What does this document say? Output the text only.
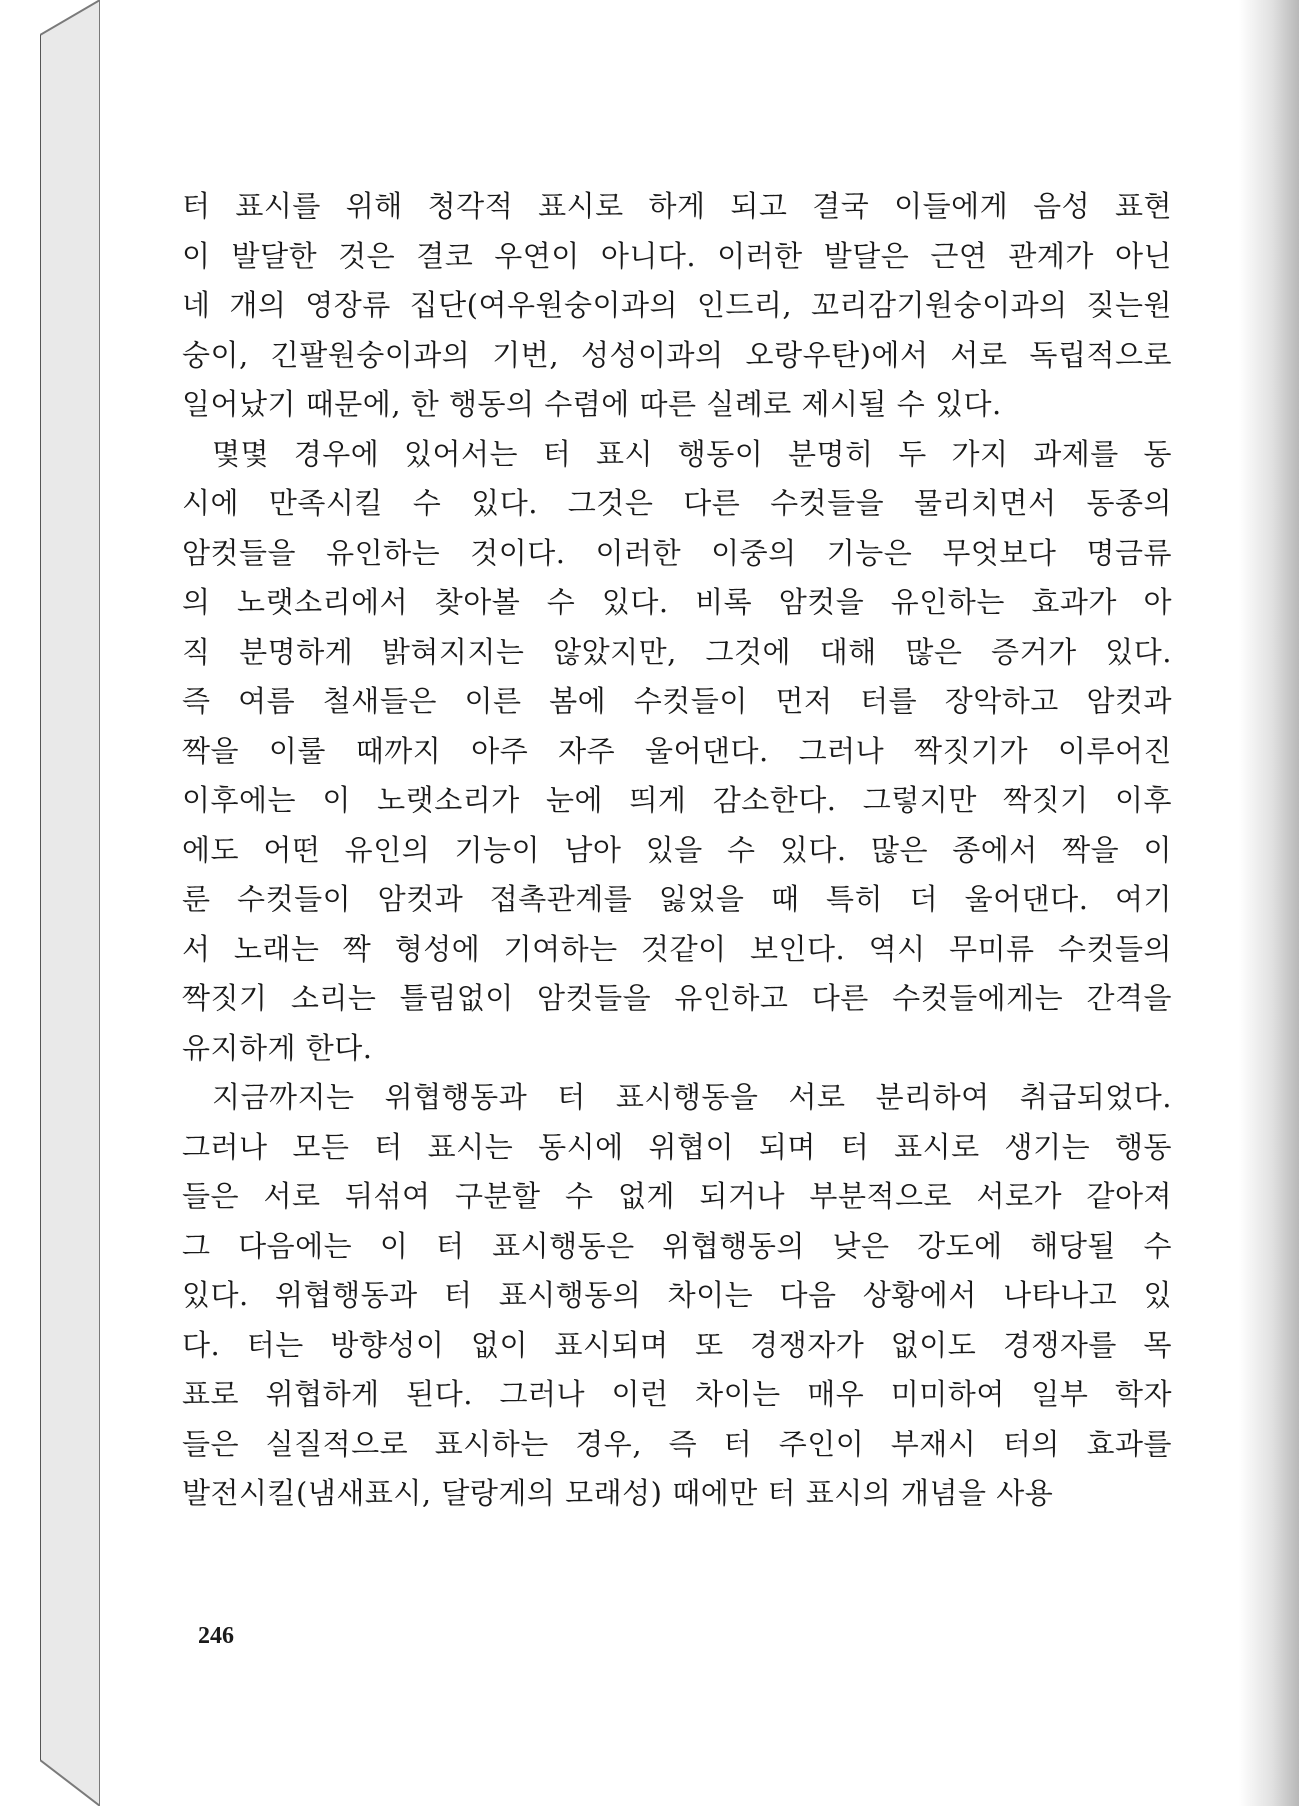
터 표시를 위해 청각적 표시로 하게 되고 결국 이들에게 음성 표현
이 발달한 것은 결코 우연이 아니다. 이러한 발달은 근연 관계가 아닌
네 개의 영장류 집단(여우원숭이과의 인드리, 꼬리감기원숭이과의 짖는원
숭이, 긴팔원숭이과의 기번, 성성이과의 오랑우탄)에서 서로 독립적으로
일어났기 때문에, 한 행동의 수렴에 따른 실례로 제시될 수 있다.
몇몇 경우에 있어서는 터 표시 행동이 분명히 두 가지 과제를 동
시에 만족시킬 수 있다. 그것은 다른 수컷들을 물리치면서 동종의
암컷들을 유인하는 것이다. 이러한 이중의 기능은 무엇보다 명금류
의 노랫소리에서 찾아볼 수 있다. 비록 암컷을 유인하는 효과가 아
직 분명하게 밝혀지지는 않았지만, 그것에 대해 많은 증거가 있다.
즉 여름 철새들은 이른 봄에 수컷들이 먼저 터를 장악하고 암컷과
짝을 이룰 때까지 아주 자주 울어댄다. 그러나 짝짓기가 이루어진
이후에는 이 노랫소리가 눈에 띄게 감소한다. 그렇지만 짝짓기 이후
에도 어떤 유인의 기능이 남아 있을 수 있다. 많은 종에서 짝을 이
룬 수컷들이 암컷과 접촉관계를 잃었을 때 특히 더 울어댄다. 여기
서 노래는 짝 형성에 기여하는 것같이 보인다. 역시 무미류 수컷들의
짝짓기 소리는 틀림없이 암컷들을 유인하고 다른 수컷들에게는 간격을
유지하게 한다.
지금까지는 위협행동과 터 표시행동을 서로 분리하여 취급되었다.
그러나 모든 터 표시는 동시에 위협이 되며 터 표시로 생기는 행동
들은 서로 뒤섞여 구분할 수 없게 되거나 부분적으로 서로가 같아져
그 다음에는 이 터 표시행동은 위협행동의 낮은 강도에 해당될 수
있다. 위협행동과 터 표시행동의 차이는 다음 상황에서 나타나고 있
다. 터는 방향성이 없이 표시되며 또 경쟁자가 없이도 경쟁자를 목
표로 위협하게 된다. 그러나 이런 차이는 매우 미미하여 일부 학자
들은 실질적으로 표시하는 경우, 즉 터 주인이 부재시 터의 효과를
발전시킬(냄새표시, 달랑게의 모래성) 때에만 터 표시의 개념을 사용
246
